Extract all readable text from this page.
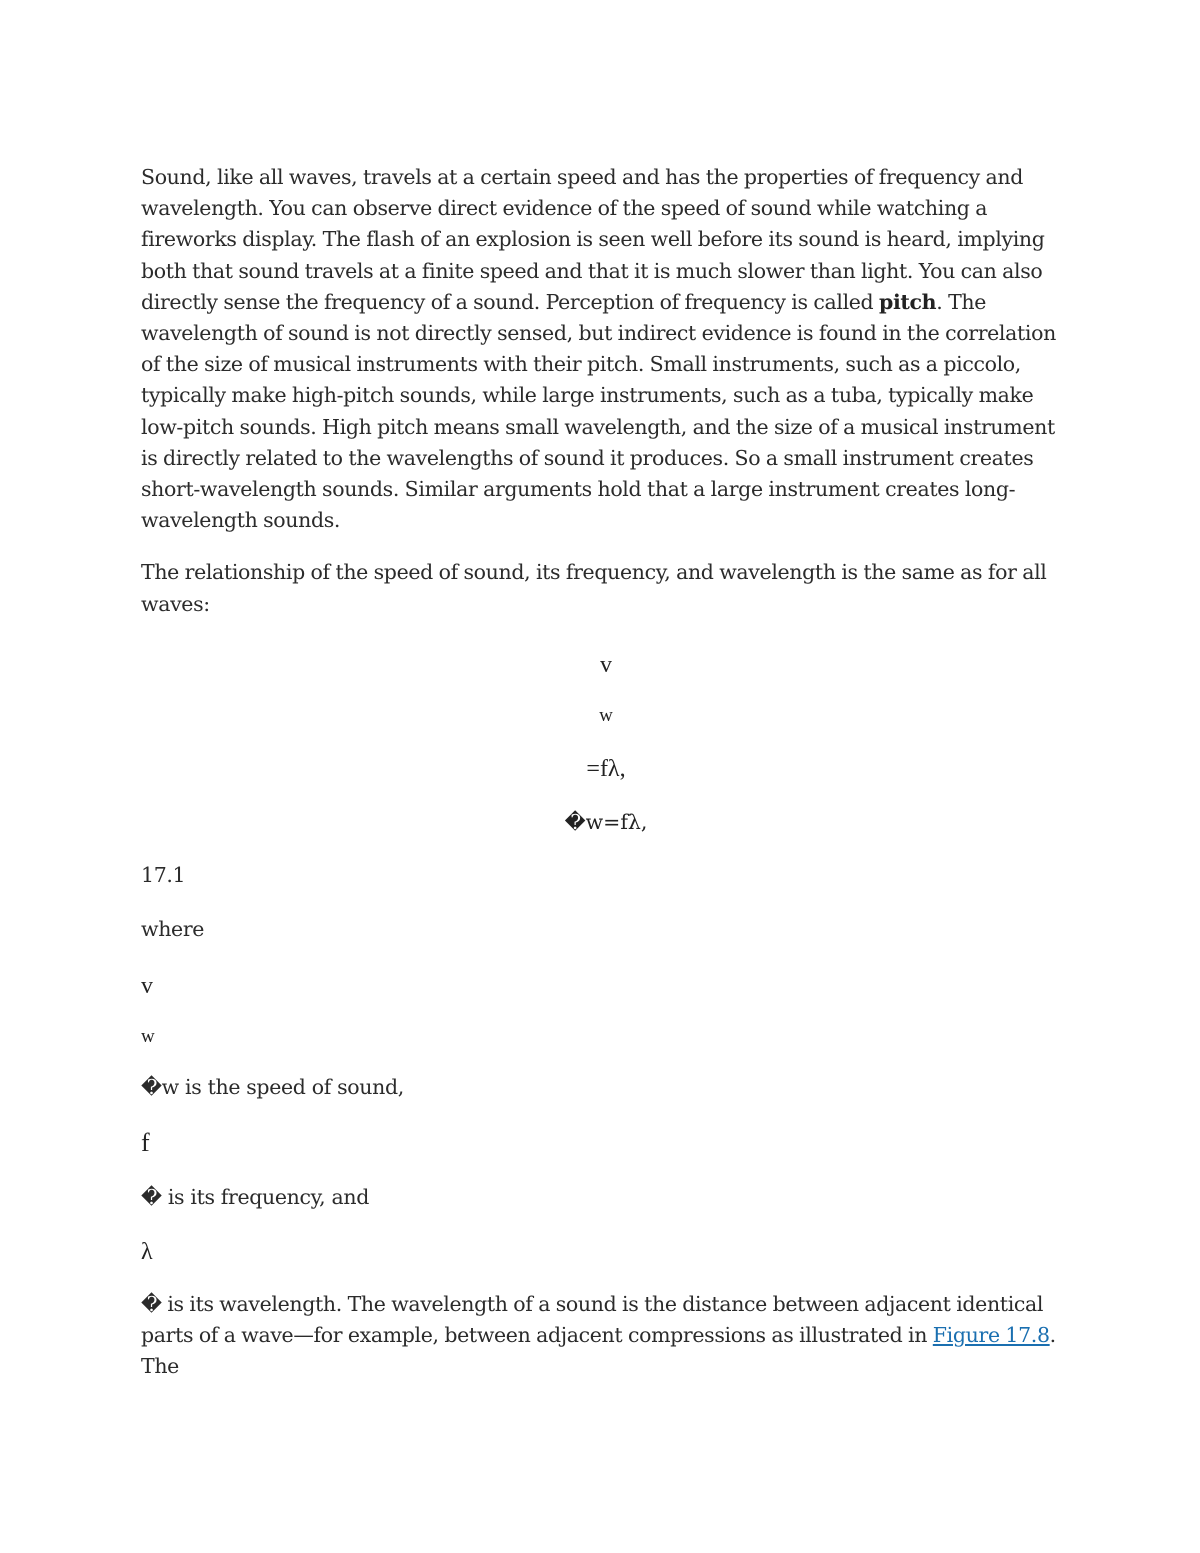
Sound, like all waves, travels at a certain speed and has the properties of frequency and wavelength. You can observe direct evidence of the speed of sound while watching a fireworks display. The flash of an explosion is seen well before its sound is heard, implying both that sound travels at a finite speed and that it is much slower than light. You can also directly sense the frequency of a sound. Perception of frequency is called pitch. The wavelength of sound is not directly sensed, but indirect evidence is found in the correlation of the size of musical instruments with their pitch. Small instruments, such as a piccolo, typically make high-pitch sounds, while large instruments, such as a tuba, typically make low-pitch sounds. High pitch means small wavelength, and the size of a musical instrument is directly related to the wavelengths of sound it produces. So a small instrument creates short-wavelength sounds. Similar arguments hold that a large instrument creates long-wavelength sounds.

The relationship of the speed of sound, its frequency, and wavelength is the same as for all waves:

v
w
=fλ,
�w=fλ,
17.1
where
v
w
�w is the speed of sound,
f
� is its frequency, and
λ

� is its wavelength. The wavelength of a sound is the distance between adjacent identical parts of a wave—for example, between adjacent compressions as illustrated in Figure 17.8. The
